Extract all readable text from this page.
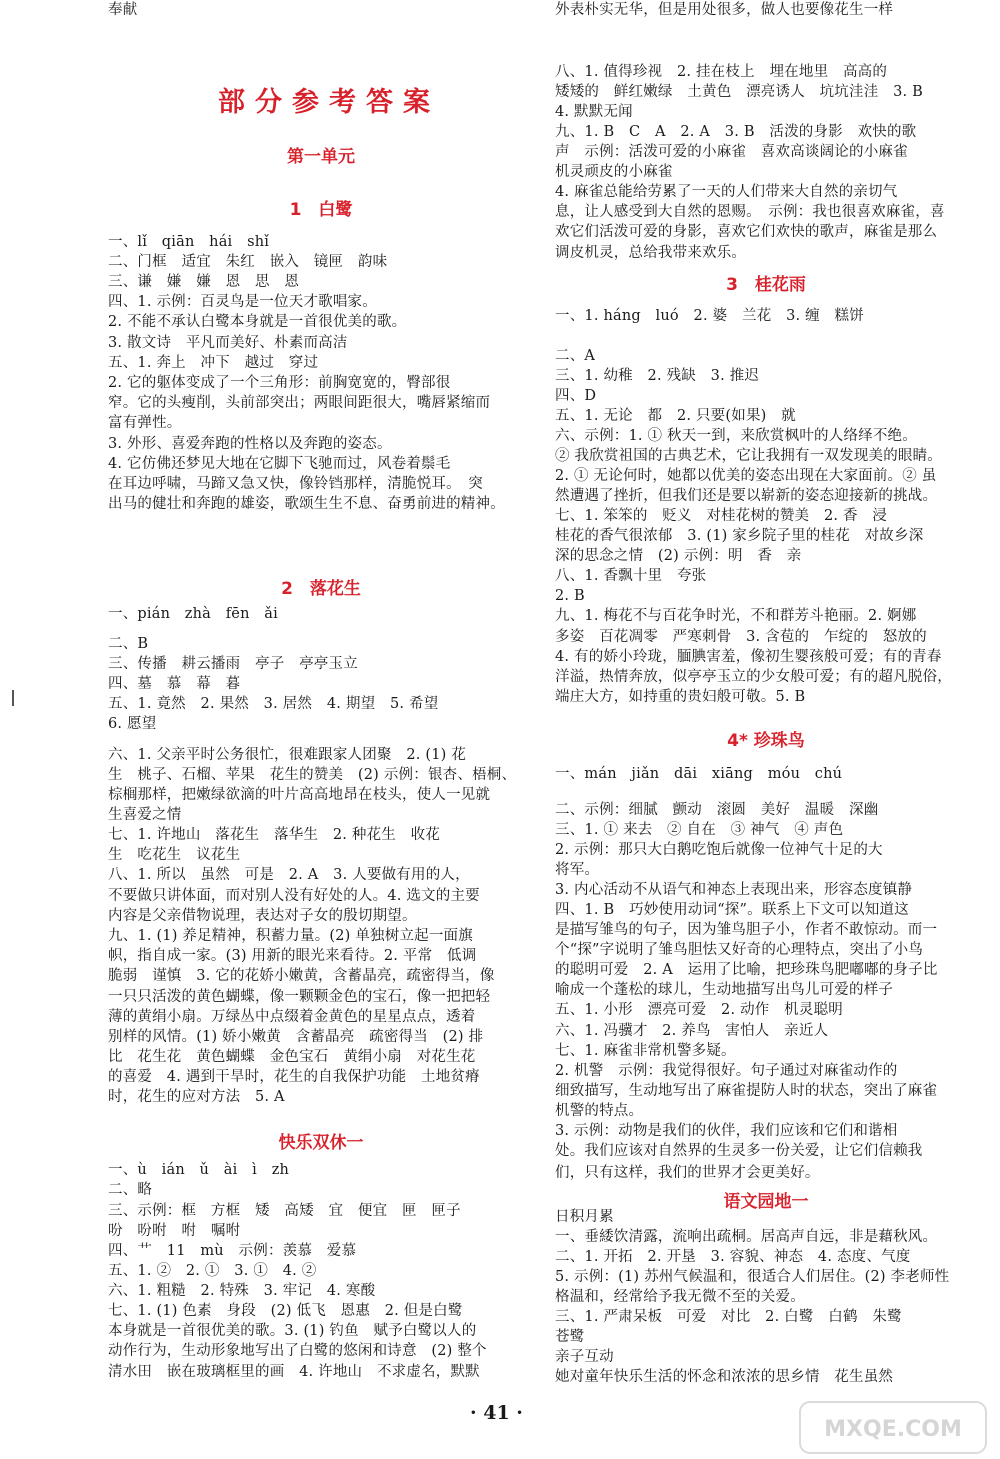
部分参考答案
第一单元
1　白鹭
一、lǐ　qiān　hái　shǐ
二、门框　适宜　朱红　嵌入　镜匣　韵味
三、谦　嫌　嫌　恩　思　恩
四、1. 示例：百灵鸟是一位天才歌唱家。
2. 不能不承认白鹭本身就是一首很优美的歌。
3. 散文诗　平凡而美好、朴素而高洁
五、1. 奔上　冲下　越过　穿过
2. 它的躯体变成了一个三角形：前胸宽宽的，臀部很
窄。它的头瘦削，头前部突出；两眼间距很大，嘴唇紧缩而
富有弹性。
3. 外形、喜爱奔跑的性格以及奔跑的姿态。
4. 它仿佛还梦见大地在它脚下飞驰而过，风卷着鬃毛
在耳边呼啸，马蹄又急又快，像铃铛那样，清脆悦耳。　突
出马的健壮和奔跑的雄姿，歌颂生生不息、奋勇前进的精神。
2　落花生
一、pián　zhà　fēn　ǎi
二、B
三、传播　耕云播雨　亭子　亭亭玉立
四、墓　慕　幕　暮
五、1. 竟然　2. 果然　3. 居然　4. 期望　5. 希望
6. 愿望
六、1. 父亲平时公务很忙，很难跟家人团聚　2. (1) 花
生　桃子、石榴、苹果　花生的赞美　(2) 示例：银杏、梧桐、
棕榈那样，把嫩绿欲滴的叶片高高地昂在枝头，使人一见就
生喜爱之情
七、1. 许地山　落花生　落华生　2. 种花生　收花
生　吃花生　议花生
八、1. 所以　虽然　可是　2. A　3. 人要做有用的人，
不要做只讲体面，而对别人没有好处的人。4. 选文的主要
内容是父亲借物说理，表达对子女的殷切期望。
九、1. (1) 养足精神，积蓄力量。(2) 单独树立起一面旗
帜，指自成一家。(3) 用新的眼光来看待。2. 平常　低调
脆弱　谨慎　3. 它的花娇小嫩黄，含蓄晶亮，疏密得当，像
一只只活泼的黄色蝴蝶，像一颗颗金色的宝石，像一把把轻
薄的黄绢小扇。万绿丛中点缀着金黄色的星星点点，透着
别样的风情。(1) 娇小嫩黄　含蓄晶亮　疏密得当　(2) 排
比　花生花　黄色蝴蝶　金色宝石　黄绢小扇　对花生花
的喜爱　4. 遇到干旱时，花生的自我保护功能　土地贫瘠
时，花生的应对方法　5. A
快乐双休一
一、ù　ián　ǔ　ài　ì　zh
二、略
三、示例：框　方框　矮　高矮　宜　便宜　匣　匣子
吩　吩咐　咐　嘱咐
四、艹　11　mù　示例：羡慕　爱慕
五、1. ②　2. ①　3. ①　4. ②
六、1. 粗糙　2. 特殊　3. 牢记　4. 寒酸
七、1. (1) 色素　身段　(2) 低飞　恩惠　2. 但是白鹭
本身就是一首很优美的歌。3. (1) 钓鱼　赋予白鹭以人的
动作行为，生动形象地写出了白鹭的悠闲和诗意　(2) 整个
清水田　嵌在玻璃框里的画　4. 许地山　不求虚名，默默
奉献
八、1. 值得珍视　2. 挂在枝上　埋在地里　高高的
矮矮的　鲜红嫩绿　土黄色　漂亮诱人　坑坑洼洼　3. B
4. 默默无闻
九、1. B　C　A　2. A　3. B　活泼的身影　欢快的歌
声　示例：活泼可爱的小麻雀　喜欢高谈阔论的小麻雀
机灵顽皮的小麻雀
4. 麻雀总能给劳累了一天的人们带来大自然的亲切气
息，让人感受到大自然的恩赐。　示例：我也很喜欢麻雀，喜
欢它们活泼可爱的身影，喜欢它们欢快的歌声，麻雀是那么
调皮机灵，总给我带来欢乐。
3　桂花雨
一、1. háng　luó　2. 婆　兰花　3. 缠　糕饼
二、A
三、1. 幼稚　2. 残缺　3. 推迟
四、D
五、1. 无论　都　2. 只要(如果)　就
六、示例：1. ① 秋天一到，来欣赏枫叶的人络绎不绝。
② 我欣赏祖国的古典艺术，它让我拥有一双发现美的眼睛。
2. ① 无论何时，她都以优美的姿态出现在大家面前。② 虽
然遭遇了挫折，但我们还是要以崭新的姿态迎接新的挑战。
七、1. 笨笨的　贬义　对桂花树的赞美　2. 香　浸
桂花的香气很浓郁　3. (1) 家乡院子里的桂花　对故乡深
深的思念之情　(2) 示例：明　香　亲
八、1. 香飘十里　夸张
2. B
九、1. 梅花不与百花争时光，不和群芳斗艳丽。2. 婀娜
多姿　百花凋零　严寒刺骨　3. 含苞的　乍绽的　怒放的
4. 有的娇小玲珑，腼腆害羞，像初生婴孩般可爱；有的青春
洋溢，热情奔放，似亭亭玉立的少女般可爱；有的超凡脱俗，
端庄大方，如持重的贵妇般可敬。5. B
4* 珍珠鸟
一、mán　jiǎn　dāi　xiāng　móu　chú
二、示例：细腻　颤动　滚圆　美好　温暖　深幽
三、1. ① 来去　② 自在　③ 神气　④ 声色
2. 示例：那只大白鹅吃饱后就像一位神气十足的大
将军。
3. 内心活动不从语气和神态上表现出来，形容态度镇静
四、1. B　巧妙使用动词“探”。联系上下文可以知道这
是描写雏鸟的句子，因为雏鸟胆子小，作者不敢惊动。而一
个“探”字说明了雏鸟胆怯又好奇的心理特点，突出了小鸟
的聪明可爱　2. A　运用了比喻，把珍珠鸟肥嘟嘟的身子比
喻成一个蓬松的球儿，生动地描写出鸟儿可爱的样子
五、1. 小形　漂亮可爱　2. 动作　机灵聪明
六、1. 冯骥才　2. 养鸟　害怕人　亲近人
七、1. 麻雀非常机警多疑。
2. 机警　示例：我觉得很好。句子通过对麻雀动作的
细致描写，生动地写出了麻雀提防人时的状态，突出了麻雀
机警的特点。
3. 示例：动物是我们的伙伴，我们应该和它们和谐相
处。我们应该对自然界的生灵多一份关爱，让它们信赖我
们，只有这样，我们的世界才会更美好。
语文园地一
日积月累
一、垂緌饮清露，流响出疏桐。居高声自远，非是藉秋风。
二、1. 开拓　2. 开垦　3. 容貌、神态　4. 态度、气度
5. 示例：(1) 苏州气候温和，很适合人们居住。(2) 李老师性
格温和，经常给予我无微不至的关爱。
三、1. 严肃呆板　可爱　对比　2. 白鹭　白鹤　朱鹭
苍鹭
亲子互动
她对童年快乐生活的怀念和浓浓的思乡情　花生虽然
外表朴实无华，但是用处很多，做人也要像花生一样
· 41 ·
MXQE.COM
